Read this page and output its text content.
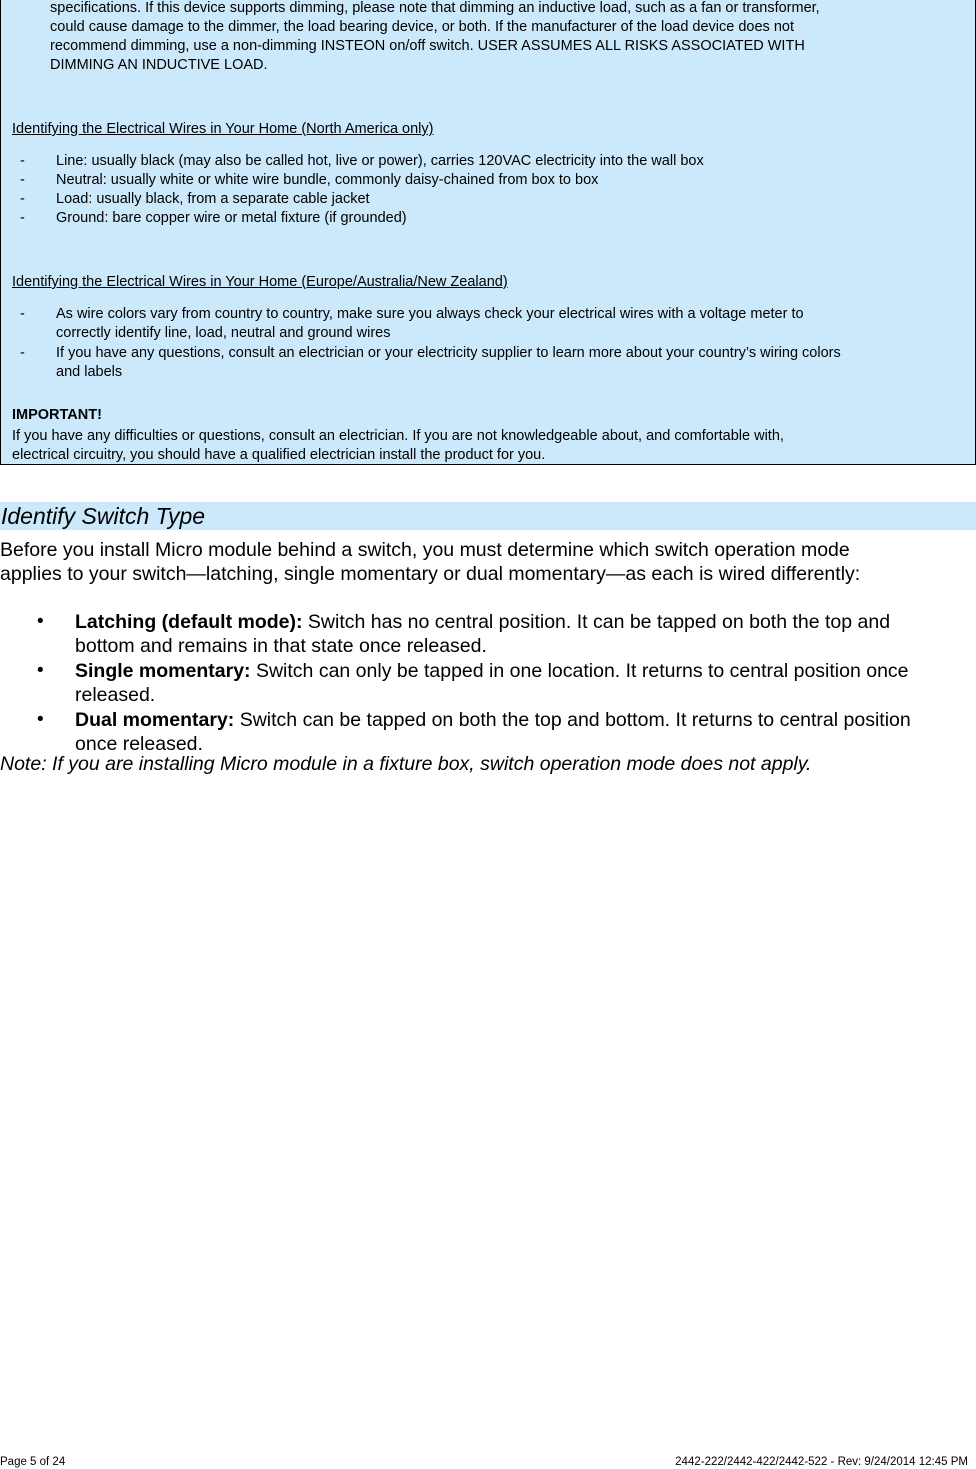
specifications. If this device supports dimming, please note that dimming an inductive load, such as a fan or transformer,
could cause damage to the dimmer, the load bearing device, or both. If the manufacturer of the load device does not
recommend dimming, use a non-dimming INSTEON on/off switch. USER ASSUMES ALL RISKS ASSOCIATED WITH
DIMMING AN INDUCTIVE LOAD.
Identifying the Electrical Wires in Your Home (North America only)
- Line: usually black (may also be called hot, live or power), carries 120VAC electricity into the wall box
- Neutral: usually white or white wire bundle, commonly daisy-chained from box to box
- Load: usually black, from a separate cable jacket
- Ground: bare copper wire or metal fixture (if grounded)
Identifying the Electrical Wires in Your Home (Europe/Australia/New Zealand)
- As wire colors vary from country to country, make sure you always check your electrical wires with a voltage meter to
correctly identify line, load, neutral and ground wires
- If you have any questions, consult an electrician or your electricity supplier to learn more about your country’s wiring colors
and labels
IMPORTANT!
If you have any difficulties or questions, consult an electrician. If you are not knowledgeable about, and comfortable with,
electrical circuitry, you should have a qualified electrician install the product for you.
Identify Switch Type
Before you install Micro module behind a switch, you must determine which switch operation mode
applies to your switch—latching, single momentary or dual momentary—as each is wired differently:
• Latching (default mode): Switch has no central position. It can be tapped on both the top and
bottom and remains in that state once released.
• Single momentary: Switch can only be tapped in one location. It returns to central position once
released.
• Dual momentary: Switch can be tapped on both the top and bottom. It returns to central position
once released.
Note: If you are installing Micro module in a fixture box, switch operation mode does not apply.
Page 5 of 24	2442-222/2442-422/2442-522 - Rev: 9/24/2014 12:45 PM
